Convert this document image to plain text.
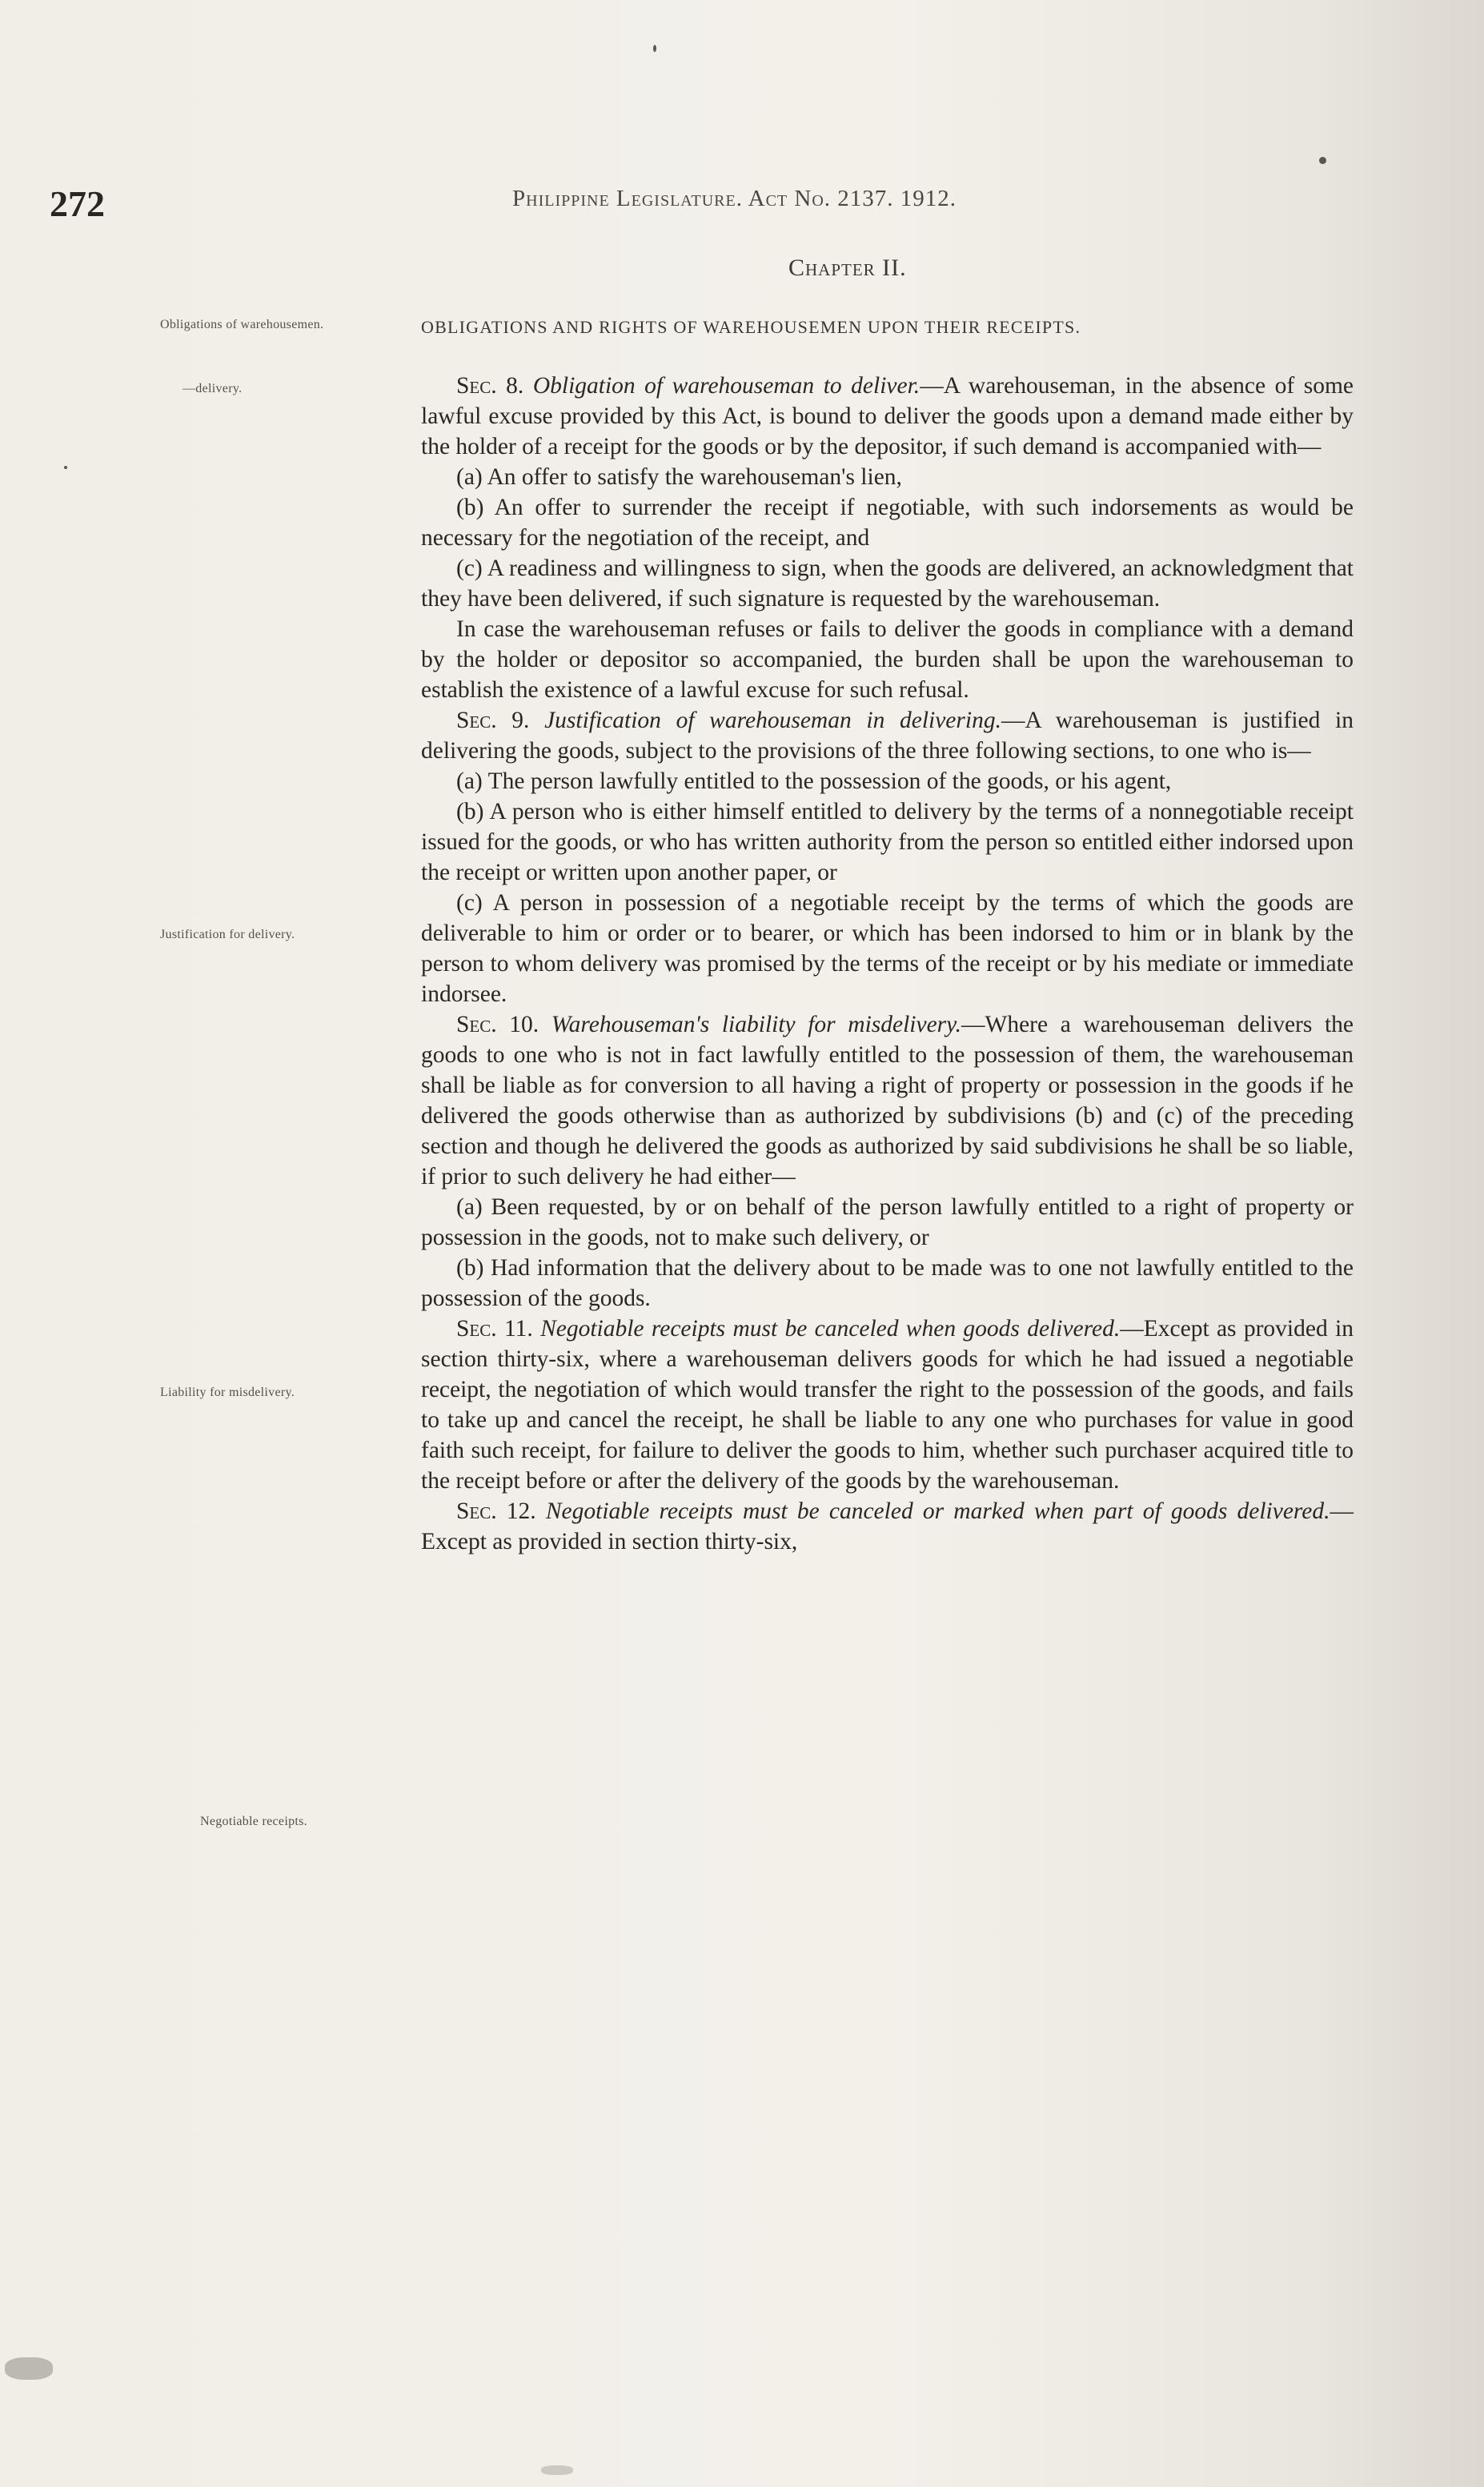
272	Philippine Legislature. Act No. 2137. 1912.
Chapter II.
OBLIGATIONS AND RIGHTS OF WAREHOUSEMEN UPON THEIR RECEIPTS.
Obligations of warehousemen.
—delivery.
Justification for delivery.
Liability for misdelivery.
Negotiable receipts.

Sec. 8. Obligation of warehouseman to deliver.—A warehouseman, in the absence of some lawful excuse provided by this Act, is bound to deliver the goods upon a demand made either by the holder of a receipt for the goods or by the depositor, if such demand is accompanied with—

(a) An offer to satisfy the warehouseman's lien,

(b) An offer to surrender the receipt if negotiable, with such indorsements as would be necessary for the negotiation of the receipt, and

(c) A readiness and willingness to sign, when the goods are delivered, an acknowledgment that they have been delivered, if such signature is requested by the warehouseman.

In case the warehouseman refuses or fails to deliver the goods in compliance with a demand by the holder or depositor so accompanied, the burden shall be upon the warehouseman to establish the existence of a lawful excuse for such refusal.

Sec. 9. Justification of warehouseman in delivering.—A warehouseman is justified in delivering the goods, subject to the provisions of the three following sections, to one who is—

(a) The person lawfully entitled to the possession of the goods, or his agent,

(b) A person who is either himself entitled to delivery by the terms of a nonnegotiable receipt issued for the goods, or who has written authority from the person so entitled either indorsed upon the receipt or written upon another paper, or

(c) A person in possession of a negotiable receipt by the terms of which the goods are deliverable to him or order or to bearer, or which has been indorsed to him or in blank by the person to whom delivery was promised by the terms of the receipt or by his mediate or immediate indorsee.

Sec. 10. Warehouseman's liability for misdelivery.—Where a warehouseman delivers the goods to one who is not in fact lawfully entitled to the possession of them, the warehouseman shall be liable as for conversion to all having a right of property or possession in the goods if he delivered the goods otherwise than as authorized by subdivisions (b) and (c) of the preceding section and though he delivered the goods as authorized by said subdivisions he shall be so liable, if prior to such delivery he had either—

(a) Been requested, by or on behalf of the person lawfully entitled to a right of property or possession in the goods, not to make such delivery, or

(b) Had information that the delivery about to be made was to one not lawfully entitled to the possession of the goods.

Sec. 11. Negotiable receipts must be canceled when goods delivered.—Except as provided in section thirty-six, where a warehouseman delivers goods for which he had issued a negotiable receipt, the negotiation of which would transfer the right to the possession of the goods, and fails to take up and cancel the receipt, he shall be liable to any one who purchases for value in good faith such receipt, for failure to deliver the goods to him, whether such purchaser acquired title to the receipt before or after the delivery of the goods by the warehouseman.

Sec. 12. Negotiable receipts must be canceled or marked when part of goods delivered.—Except as provided in section thirty-six,
